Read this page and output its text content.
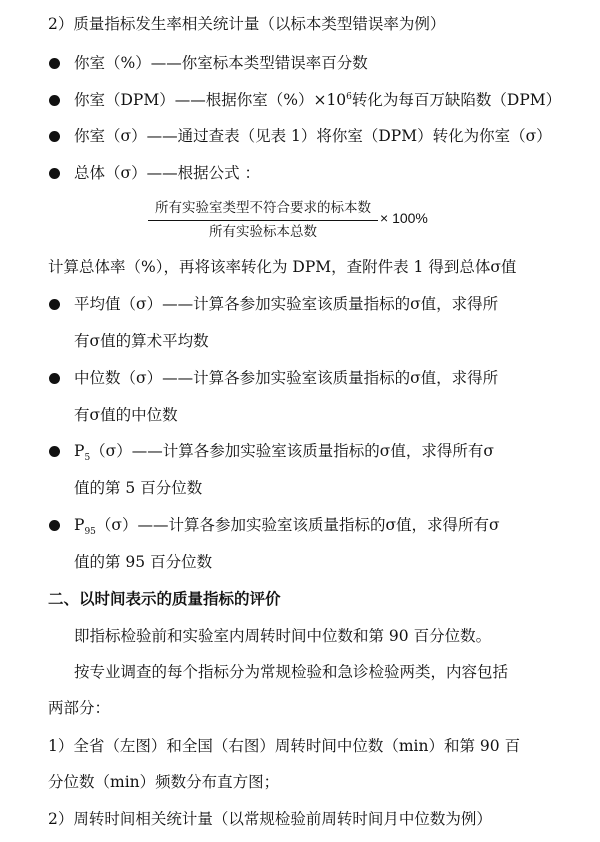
2）质量指标发生率相关统计量（以标本类型错误率为例）
你室（%）——你室标本类型错误率百分数
你室（DPM）——根据你室$(\%)\times 10^6$转化为每百万缺陷数（DPM）
你室（σ）——通过查表（见表 1）将你室（DPM）转化为你室（σ）
总体（σ）——根据公式 ：
所有实验室类型不符合要求的标本数
所有实验标本总数
× 100%
计算总体率（%），再将该率转化为 DPM，查附件表 1 得到总体σ值
平均值（σ）——计算各参加实验室该质量指标的σ值，求得所
有σ值的算术平均数
中位数（σ）——计算各参加实验室该质量指标的σ值，求得所
有σ值的中位数
$P_5(\sigma)——$计算各参加实验室该质量指标的σ值，求得所有σ
值的第 5 百分位数
$P_{95}(\sigma)——$计算各参加实验室该质量指标的σ值，求得所有σ
值的第 95 百分位数
二、以时间表示的质量指标的评价
即指标检验前和实验室内周转时间中位数和第 90 百分位数。
按专业调查的每个指标分为常规检验和急诊检验两类，内容包括
两部分：
1）全省（左图）和全国（右图）周转时间中位数（min）和第 90 百
分位数（min）频数分布直方图；
2）周转时间相关统计量（以常规检验前周转时间月中位数为例）
